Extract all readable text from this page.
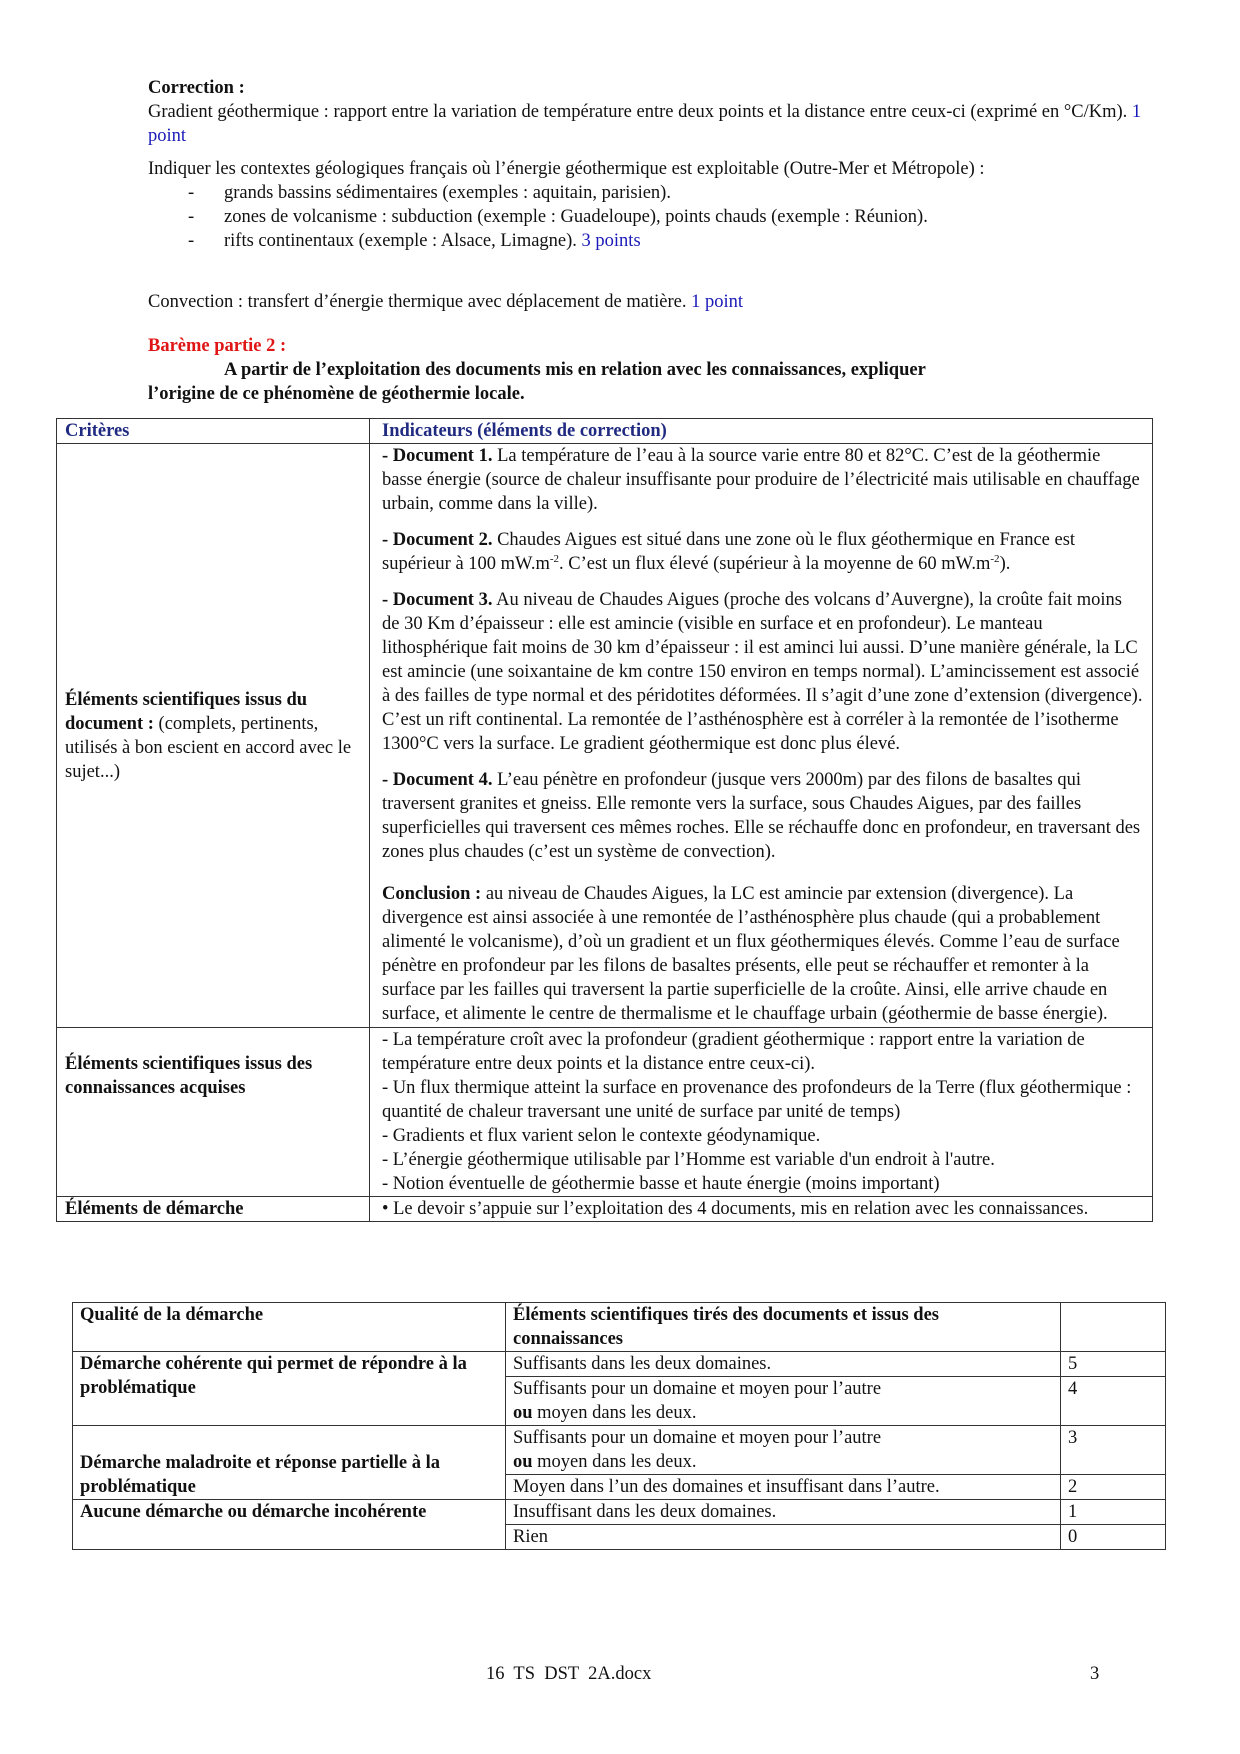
Correction :
Gradient géothermique : rapport entre la variation de température entre deux points et la distance entre ceux-ci (exprimé en °C/Km). 1 point
Indiquer les contextes géologiques français où l’énergie géothermique est exploitable (Outre-Mer et Métropole) :
- grands bassins sédimentaires (exemples : aquitain, parisien).
- zones de volcanisme : subduction (exemple : Guadeloupe), points chauds (exemple : Réunion).
- rifts continentaux (exemple : Alsace, Limagne). 3 points
Convection : transfert d’énergie thermique avec déplacement de matière. 1 point
Barème partie 2 :
A partir de l’exploitation des documents mis en relation avec les connaissances, expliquer
l’origine de ce phénomène de géothermie locale.
Critères	Indicateurs (éléments de correction)
Éléments scientifiques issus du document : (complets, pertinents, utilisés à bon escient en accord avec le sujet...)	- Document 1. La température de l’eau à la source varie entre 80 et 82°C. C’est de la géothermie basse énergie (source de chaleur insuffisante pour produire de l’électricité mais utilisable en chauffage urbain, comme dans la ville).
- Document 2. Chaudes Aigues est situé dans une zone où le flux géothermique en France est supérieur à 100 $mW.m^{-2}$. C’est un flux élevé (supérieur à la moyenne de 60 $mW.m^{-2}$).
- Document 3. Au niveau de Chaudes Aigues (proche des volcans d’Auvergne), la croûte fait moins de 30 Km d’épaisseur : elle est amincie (visible en surface et en profondeur). Le manteau lithosphérique fait moins de 30 km d’épaisseur : il est aminci lui aussi. D’une manière générale, la LC est amincie (une soixantaine de km contre 150 environ en temps normal). L’amincissement est associé à des failles de type normal et des péridotites déformées. Il s’agit d’une zone d’extension (divergence). C’est un rift continental. La remontée de l’asthénosphère est à corréler à la remontée de l’isotherme 1300°C vers la surface. Le gradient géothermique est donc plus élevé.
- Document 4. L’eau pénètre en profondeur (jusque vers 2000m) par des filons de basaltes qui traversent granites et gneiss. Elle remonte vers la surface, sous Chaudes Aigues, par des failles superficielles qui traversent ces mêmes roches. Elle se réchauffe donc en profondeur, en traversant des zones plus chaudes (c’est un système de convection).
Conclusion : au niveau de Chaudes Aigues, la LC est amincie par extension (divergence). La divergence est ainsi associée à une remontée de l’asthénosphère plus chaude (qui a probablement alimenté le volcanisme), d’où un gradient et un flux géothermiques élevés. Comme l’eau de surface pénètre en profondeur par les filons de basaltes présents, elle peut se réchauffer et remonter à la surface par les failles qui traversent la partie superficielle de la croûte. Ainsi, elle arrive chaude en surface, et alimente le centre de thermalisme et le chauffage urbain (géothermie de basse énergie).

Éléments scientifiques issus des connaissances acquises	- La température croît avec la profondeur (gradient géothermique : rapport entre la variation de température entre deux points et la distance entre ceux-ci).
- Un flux thermique atteint la surface en provenance des profondeurs de la Terre (flux géothermique : quantité de chaleur traversant une unité de surface par unité de temps)
- Gradients et flux varient selon le contexte géodynamique.
- L’énergie géothermique utilisable par l’Homme est variable d'un endroit à l'autre.
- Notion éventuelle de géothermie basse et haute énergie (moins important)

Éléments de démarche	• Le devoir s’appuie sur l’exploitation des 4 documents, mis en relation avec les connaissances.
Qualité de la démarche	Éléments scientifiques tirés des documents et issus des connaissances	
Démarche cohérente qui permet de répondre à la problématique	Suffisants dans les deux domaines.	5

	Suffisants pour un domaine et moyen pour l’autre
ou moyen dans les deux.	4
Démarche maladroite et réponse partielle à la problématique	Suffisants pour un domaine et moyen pour l’autre
ou moyen dans les deux.	3
	Moyen dans l’un des domaines et insuffisant dans l’autre.	2
Aucune démarche ou démarche incohérente	Insuffisant dans les deux domaines.	1
	Rien	0
16  TS  DST  2A.docx	3
